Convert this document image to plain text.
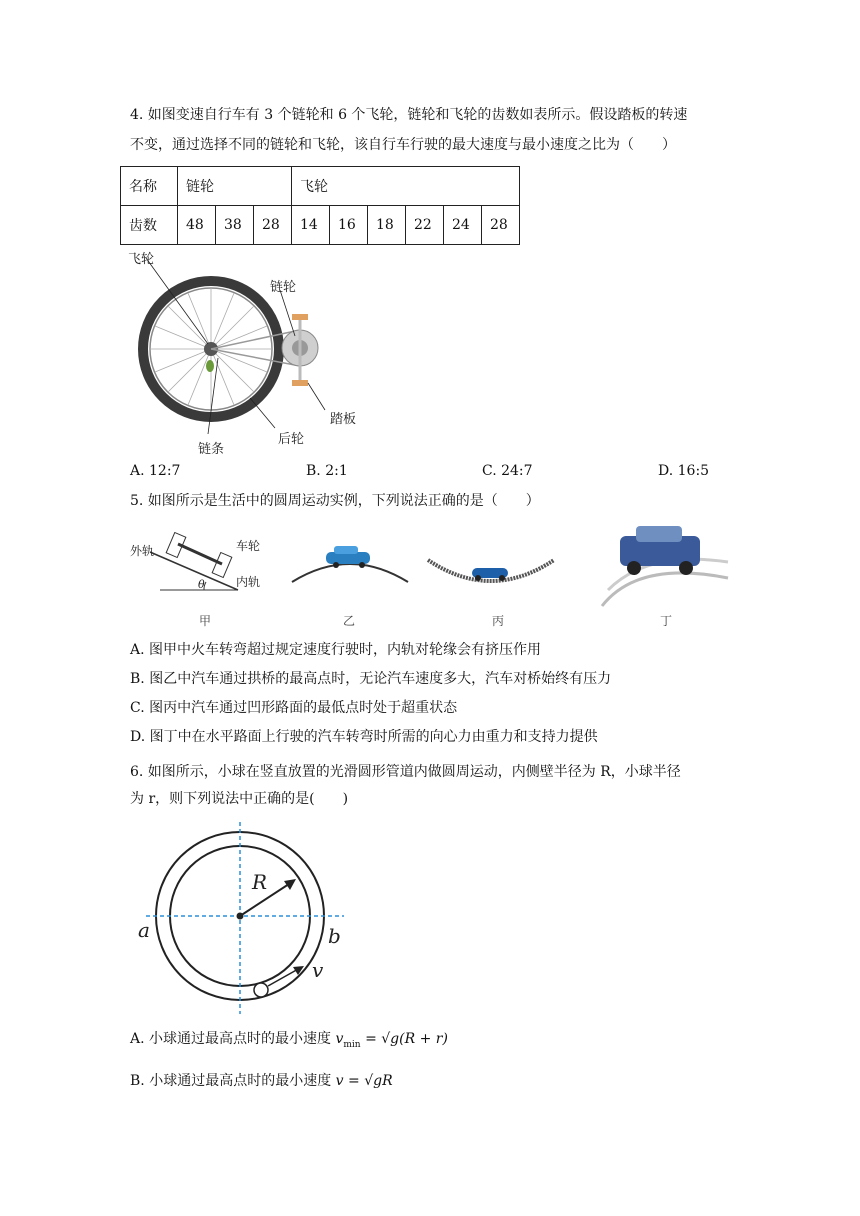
4. 如图变速自行车有 3 个链轮和 6 个飞轮，链轮和飞轮的齿数如表所示。假设踏板的转速
不变，通过选择不同的链轮和飞轮，该自行车行驶的最大速度与最小速度之比为（　　）
名称	链轮			飞轮					
齿数	48	38	28	14	16	18	22	24	28
飞轮
链轮
踏板
链条
后轮
A. 12:7	B. 2:1	C. 24:7	D. 16:5
5. 如图所示是生活中的圆周运动实例，下列说法正确的是（　　）
外轨	车轮
内轨
θ
甲	乙	丙	丁
A. 图甲中火车转弯超过规定速度行驶时，内轨对轮缘会有挤压作用
B. 图乙中汽车通过拱桥的最高点时，无论汽车速度多大，汽车对桥始终有压力
C. 图丙中汽车通过凹形路面的最低点时处于超重状态
D. 图丁中在水平路面上行驶的汽车转弯时所需的向心力由重力和支持力提供
6. 如图所示，小球在竖直放置的光滑圆形管道内做圆周运动，内侧壁半径为 R，小球半径
为 r，则下列说法中正确的是(　　)
R
a	b
v
A. 小球通过最高点时的最小速度 $v_{min} = √g(R + r)$
B. 小球通过最高点时的最小速度 v = √gR
